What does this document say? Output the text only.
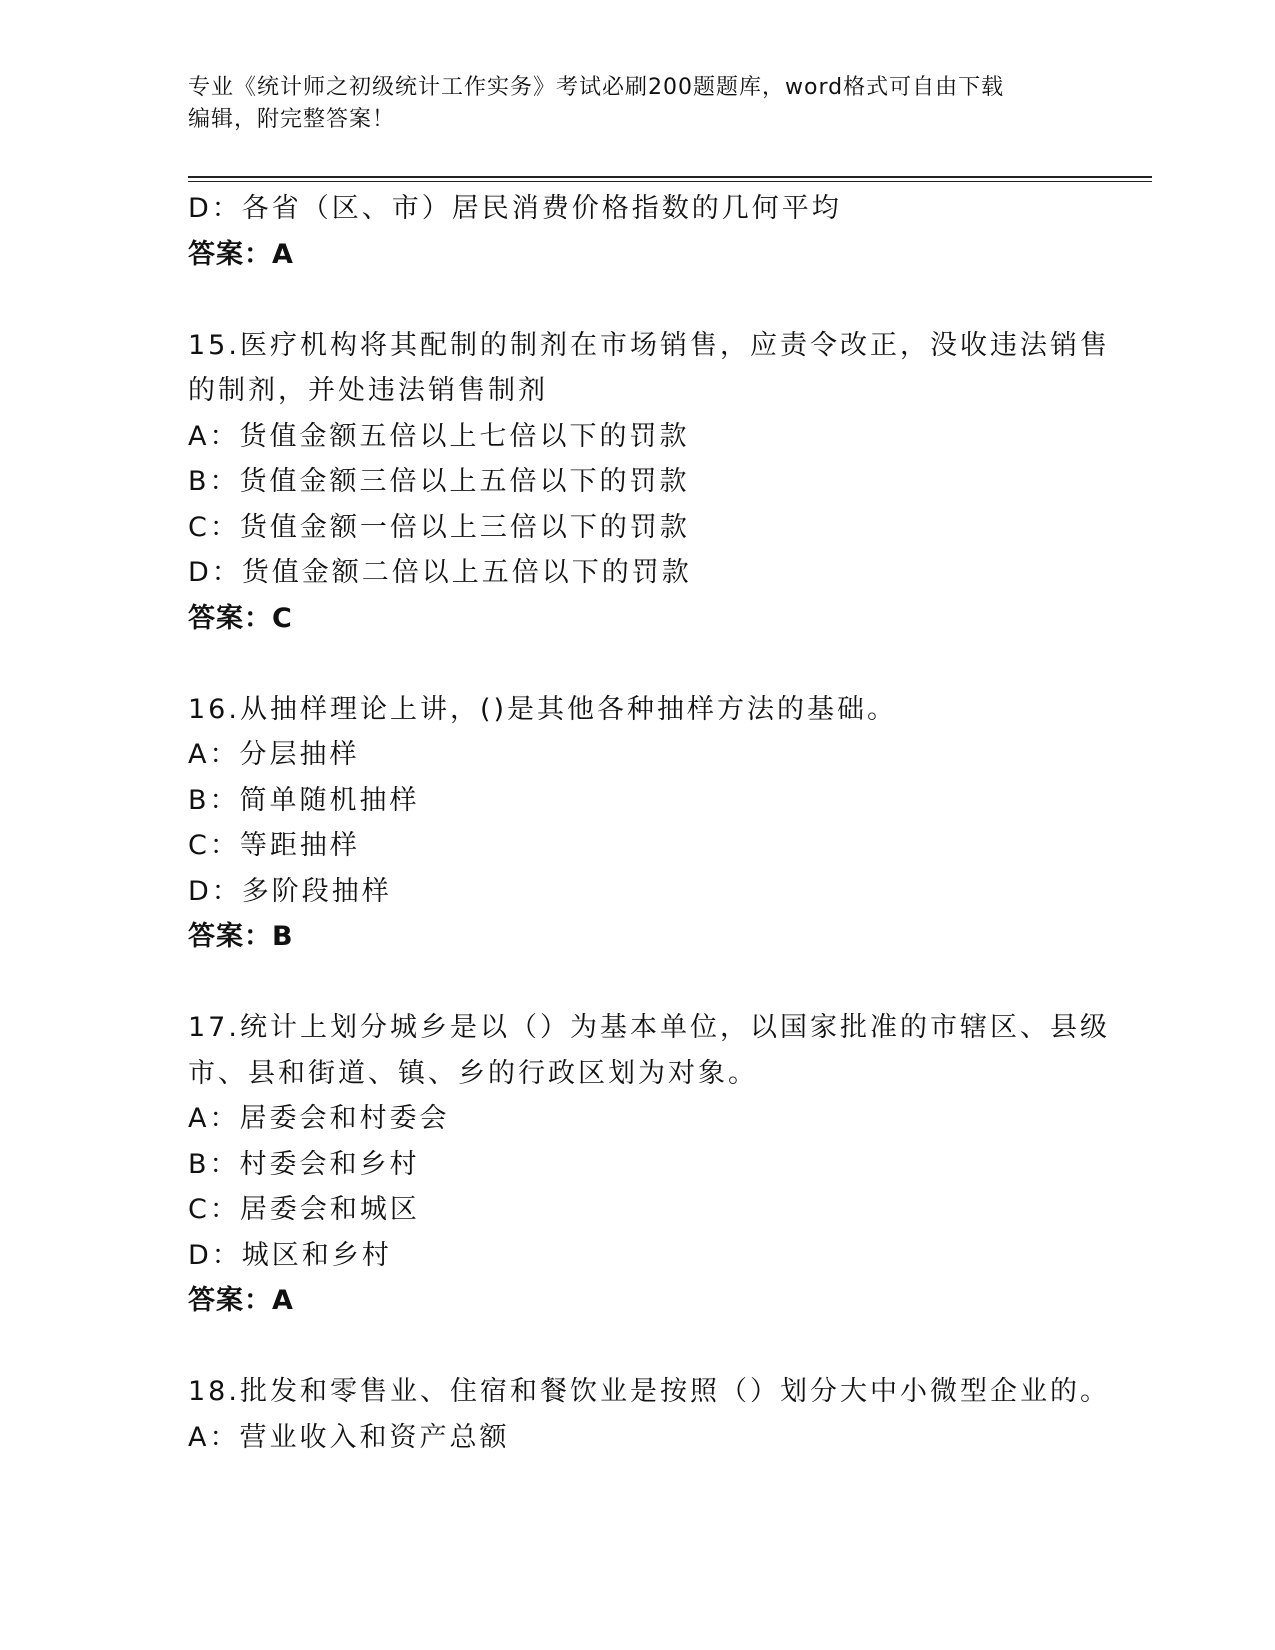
专业《统计师之初级统计工作实务》考试必刷200题题库，word格式可自由下载
编辑，附完整答案！
D：各省（区、市）居民消费价格指数的几何平均
答案：A
15.医疗机构将其配制的制剂在市场销售，应责令改正，没收违法销售
的制剂，并处违法销售制剂
A：货值金额五倍以上七倍以下的罚款
B：货值金额三倍以上五倍以下的罚款
C：货值金额一倍以上三倍以下的罚款
D：货值金额二倍以上五倍以下的罚款
答案：C
16.从抽样理论上讲，()是其他各种抽样方法的基础。
A：分层抽样
B：简单随机抽样
C：等距抽样
D：多阶段抽样
答案：B
17.统计上划分城乡是以（）为基本单位，以国家批准的市辖区、县级
市、县和街道、镇、乡的行政区划为对象。
A：居委会和村委会
B：村委会和乡村
C：居委会和城区
D：城区和乡村
答案：A
18.批发和零售业、住宿和餐饮业是按照（）划分大中小微型企业的。
A：营业收入和资产总额
